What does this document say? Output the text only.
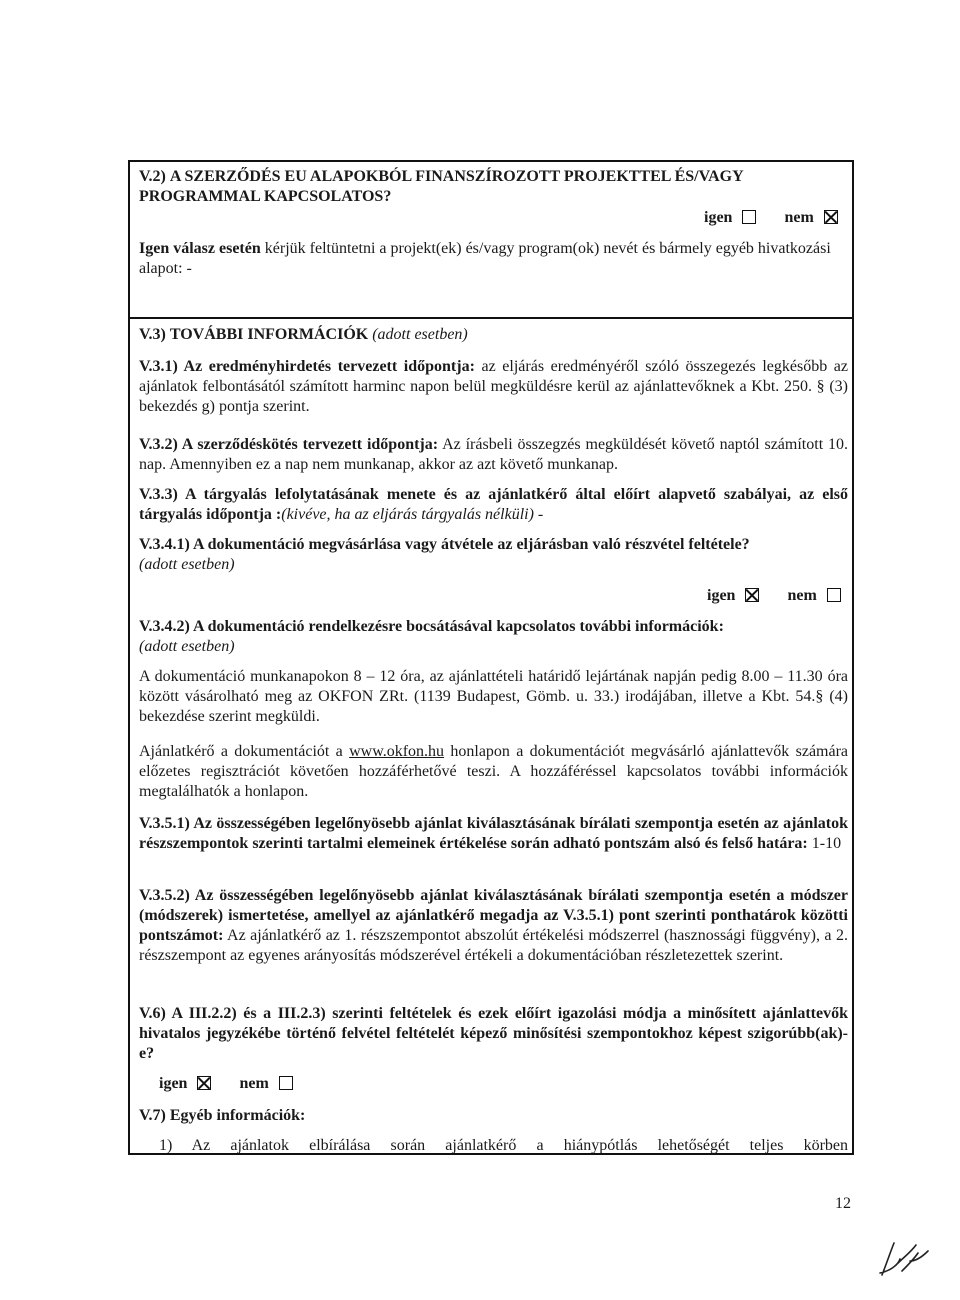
V.2) A SZERZŐDÉS EU ALAPOKBÓL FINANSZÍROZOTT PROJEKTTEL ÉS/VAGY PROGRAMMAL KAPCSOLATOS?
igen	nem
Igen válasz esetén kérjük feltüntetni a projekt(ek) és/vagy program(ok) nevét és bármely egyéb hivatkozási alapot: -
V.3) TOVÁBBI INFORMÁCIÓK (adott esetben)
V.3.1) Az eredményhirdetés tervezett időpontja: az eljárás eredményéről szóló összegezés legkésőbb az ajánlatok felbontásától számított harminc napon belül megküldésre kerül az ajánlattevőknek a Kbt. 250. § (3) bekezdés g) pontja szerint.
V.3.2) A szerződéskötés tervezett időpontja: Az írásbeli összegzés megküldését követő naptól számított 10. nap. Amennyiben ez a nap nem munkanap, akkor az azt követő munkanap.
V.3.3) A tárgyalás lefolytatásának menete és az ajánlatkérő által előírt alapvető szabályai, az első tárgyalás időpontja :(kivéve, ha az eljárás tárgyalás nélküli) -
V.3.4.1) A dokumentáció megvásárlása vagy átvétele az eljárásban való részvétel feltétele?
(adott esetben)
igen	nem
V.3.4.2) A dokumentáció rendelkezésre bocsátásával kapcsolatos további információk:
(adott esetben)
A dokumentáció munkanapokon 8 – 12 óra, az ajánlattételi határidő lejártának napján pedig 8.00 – 11.30 óra között vásárolható meg az OKFON ZRt. (1139 Budapest, Gömb. u. 33.) irodájában, illetve a Kbt. 54.§ (4) bekezdése szerint megküldi.
Ajánlatkérő a dokumentációt a www.okfon.hu honlapon a dokumentációt megvásárló ajánlattevők számára előzetes regisztrációt követően hozzáférhetővé teszi. A hozzáféréssel kapcsolatos további információk megtalálhatók a honlapon.
V.3.5.1) Az összességében legelőnyösebb ajánlat kiválasztásának bírálati szempontja esetén az ajánlatok részszempontok szerinti tartalmi elemeinek értékelése során adható pontszám alsó és felső határa: 1-10
V.3.5.2) Az összességében legelőnyösebb ajánlat kiválasztásának bírálati szempontja esetén a módszer (módszerek) ismertetése, amellyel az ajánlatkérő megadja az V.3.5.1) pont szerinti ponthatárok közötti pontszámot: Az ajánlatkérő az 1. részszempontot abszolút értékelési módszerrel (hasznossági függvény), a 2. részszempont az egyenes arányosítás módszerével értékeli a dokumentációban részletezettek szerint.
V.6) A III.2.2) és a III.2.3) szerinti feltételek és ezek előírt igazolási módja a minősített ajánlattevők hivatalos jegyzékébe történő felvétel feltételét képező minősítési szempontokhoz képest szigorúbb(ak)-e?
igen	nem
V.7) Egyéb információk:
1) Az ajánlatok elbírálása során ajánlatkérő a hiánypótlás lehetőségét teljes körben
12
